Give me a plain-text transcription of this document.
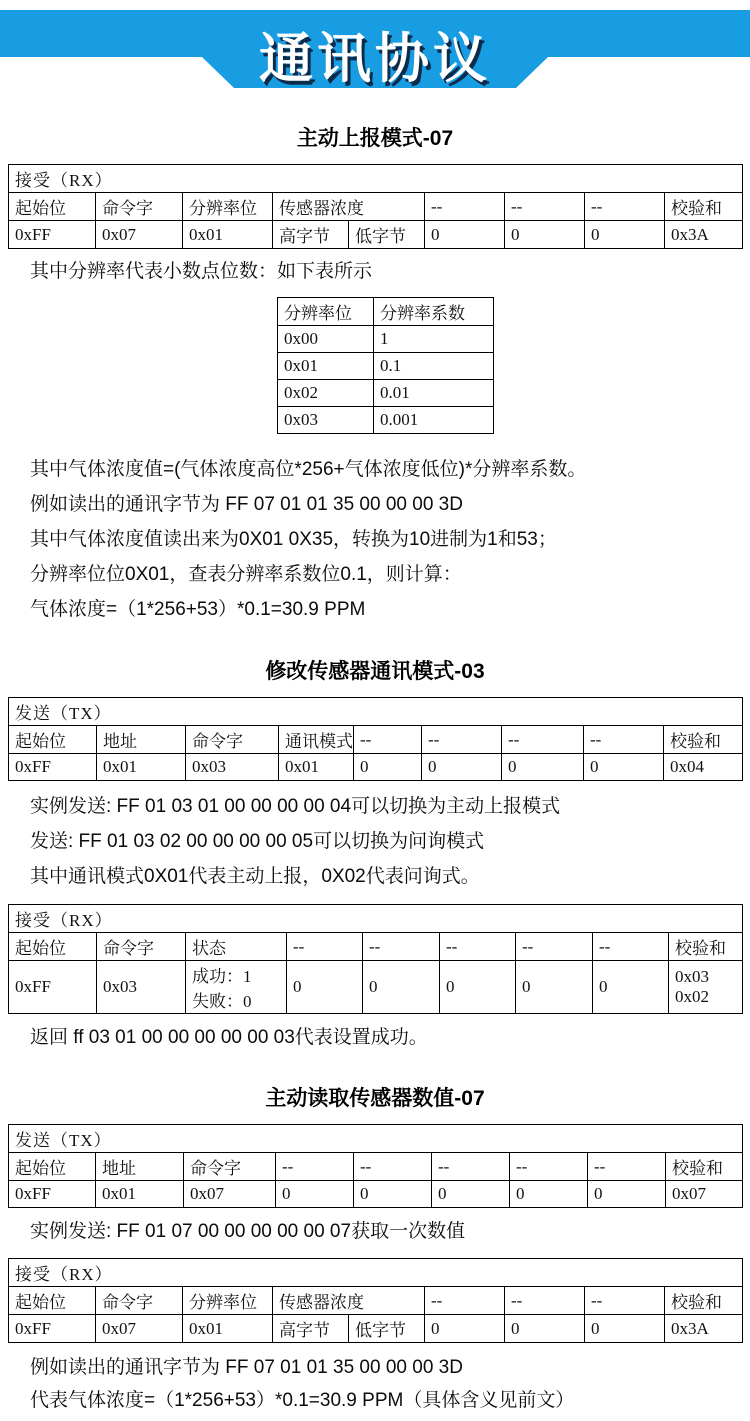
通讯协议
主动上报模式-07
接受（RX）								
起始位	命令字	分辨率位	传感器浓度		--	--	--	校验和
0xFF	0x07	0x01	高字节	低字节	0	0	0	0x3A

其中分辨率代表小数点位数：如下表所示

分辨率位	分辨率系数
0x00	1
0x01	0.1
0x02	0.01
0x03	0.001

其中气体浓度值=(气体浓度高位*256+气体浓度低位)*分辨率系数。

例如读出的通讯字节为 FF 07 01 01 35 00 00 00 3D

其中气体浓度值读出来为0X01 0X35，转换为10进制为1和53；

分辨率位位0X01，查表分辨率系数位0.1，则计算：

气体浓度=（1*256+53）*0.1=30.9 PPM

修改传感器通讯模式-03
发送（TX）								
起始位	地址	命令字	通讯模式	--	--	--	--	校验和
0xFF	0x01	0x03	0x01	0	0	0	0	0x04

实例发送: FF 01 03 01 00 00 00 00 04可以切换为主动上报模式

发送: FF 01 03 02 00 00 00 00 05可以切换为问询模式

其中通讯模式0X01代表主动上报，0X02代表问询式。

接受（RX）								
起始位	命令字	状态	--	--	--	--	--	校验和
0xFF	0x03	成功：1
失败：0	0	0	0	0	0	0x03
0x02

返回 ff 03 01 00 00 00 00 00 03代表设置成功。

主动读取传感器数值-07
发送（TX）								
起始位	地址	命令字	--	--	--	--	--	校验和
0xFF	0x01	0x07	0	0	0	0	0	0x07

实例发送: FF 01 07 00 00 00 00 00 07获取一次数值

接受（RX）								
起始位	命令字	分辨率位	传感器浓度		--	--	--	校验和
0xFF	0x07	0x01	高字节	低字节	0	0	0	0x3A

例如读出的通讯字节为 FF 07 01 01 35 00 00 00 3D

代表气体浓度=（1*256+53）*0.1=30.9 PPM（具体含义见前文）
